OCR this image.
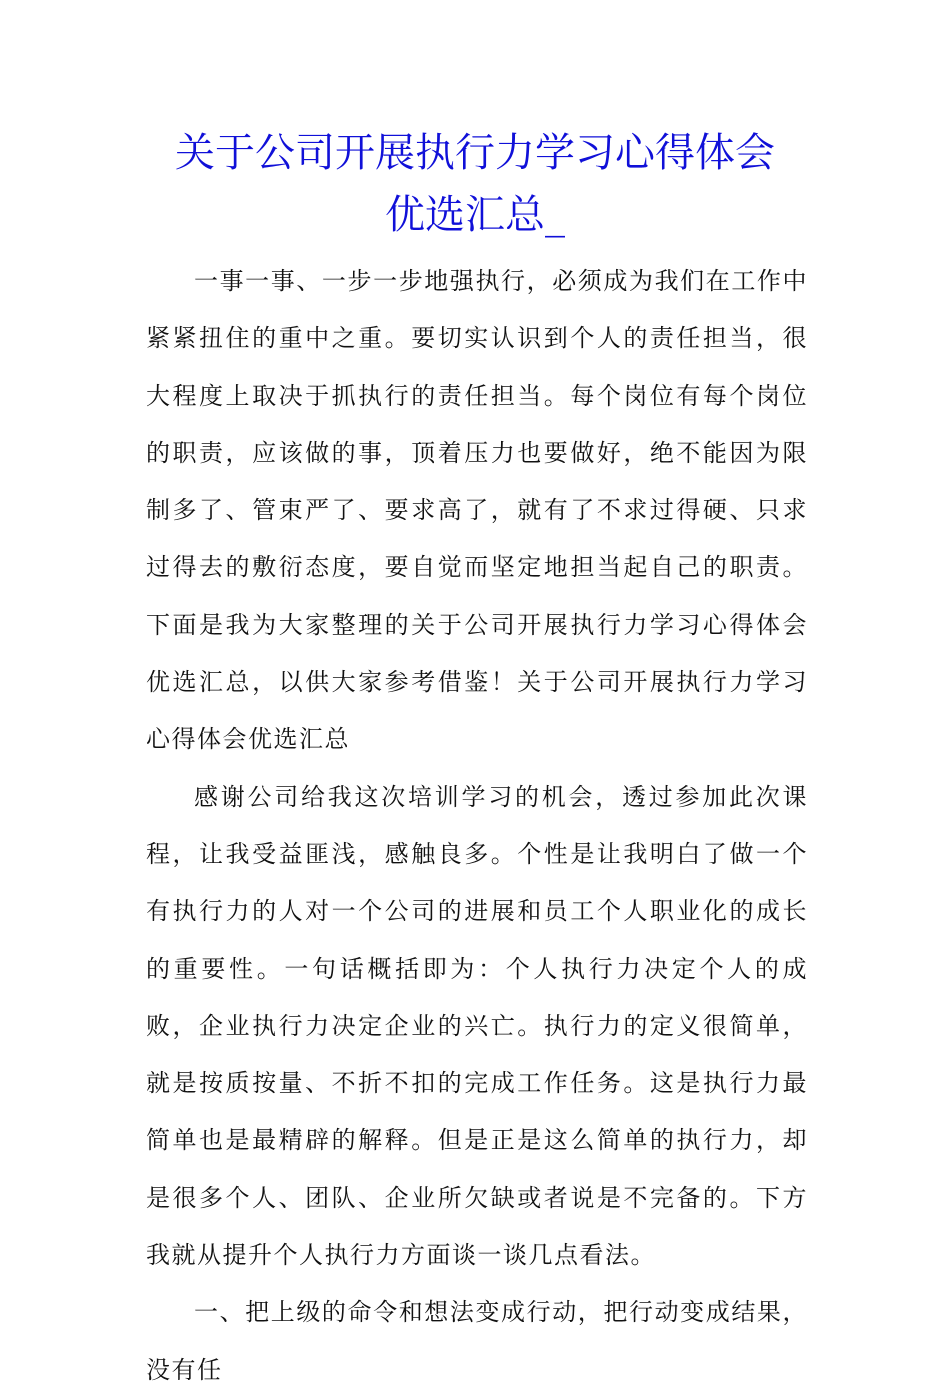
关于公司开展执行力学习心得体会
优选汇总_

一事一事、一步一步地强执行，必须成为我们在工作中紧紧扭住的重中之重。要切实认识到个人的责任担当，很大程度上取决于抓执行的责任担当。每个岗位有每个岗位的职责，应该做的事，顶着压力也要做好，绝不能因为限制多了、管束严了、要求高了，就有了不求过得硬、只求过得去的敷衍态度，要自觉而坚定地担当起自己的职责。下面是我为大家整理的关于公司开展执行力学习心得体会优选汇总，以供大家参考借鉴！关于公司开展执行力学习心得体会优选汇总

感谢公司给我这次培训学习的机会，透过参加此次课程，让我受益匪浅，感触良多。个性是让我明白了做一个有执行力的人对一个公司的进展和员工个人职业化的成长的重要性。一句话概括即为：个人执行力决定个人的成败，企业执行力决定企业的兴亡。执行力的定义很简单，就是按质按量、不折不扣的完成工作任务。这是执行力最简单也是最精辟的解释。但是正是这么简单的执行力，却是很多个人、团队、企业所欠缺或者说是不完备的。下方我就从提升个人执行力方面谈一谈几点看法。

一、把上级的命令和想法变成行动，把行动变成结果，没有任
